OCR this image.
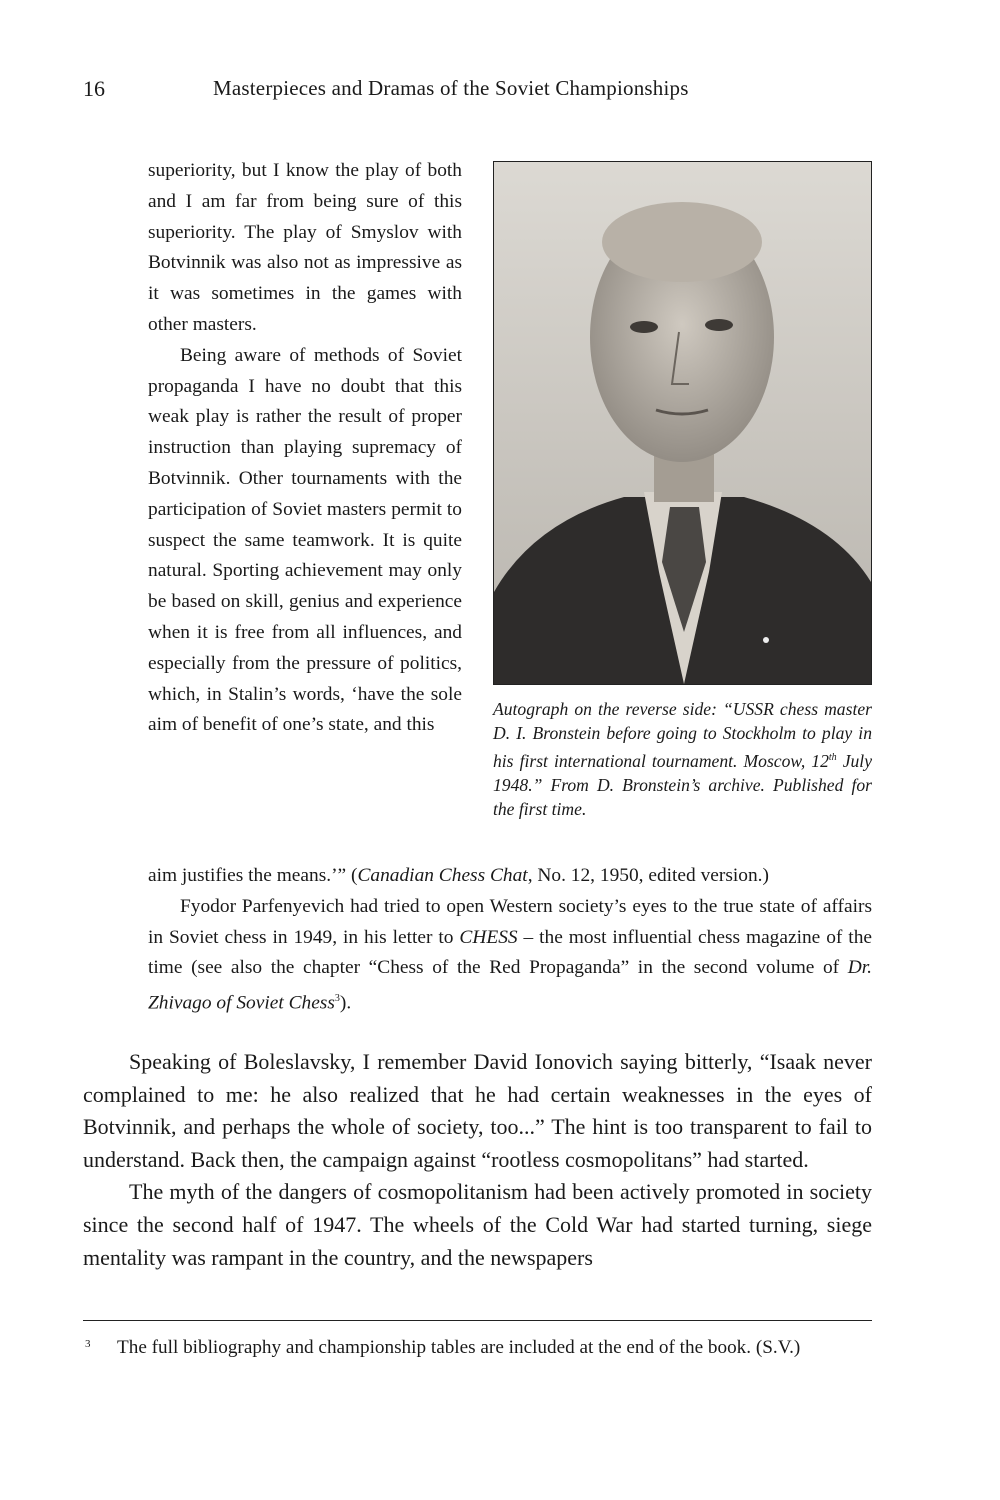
16	Masterpieces and Dramas of the Soviet Championships

superiority, but I know the play of both and I am far from being sure of this superiority. The play of Smyslov with Botvinnik was also not as impressive as it was sometimes in the games with other masters.

Being aware of methods of Soviet propaganda I have no doubt that this weak play is rather the result of proper instruction than playing supremacy of Botvinnik. Other tournaments with the participation of Soviet masters permit to suspect the same teamwork. It is quite natural. Sporting achievement may only be based on skill, genius and experience when it is free from all influences, and especially from the pressure of politics, which, in Stalin’s words, ‘have the sole aim of benefit of one’s state, and this

Autograph on the reverse side: “USSR chess master D. I. Bronstein before going to Stockholm to play in his first international tournament. Moscow, 12th July 1948.” From D. Bronstein’s archive. Published for the first time.

aim justifies the means.’” (Canadian Chess Chat, No. 12, 1950, edited version.)

Fyodor Parfenyevich had tried to open Western society’s eyes to the true state of affairs in Soviet chess in 1949, in his letter to CHESS – the most influential chess magazine of the time (see also the chapter “Chess of the Red Propaganda” in the second volume of Dr. Zhivago of Soviet Chess$^3$).

Speaking of Boleslavsky, I remember David Ionovich saying bitterly, “Isaak never complained to me: he also realized that he had certain weaknesses in the eyes of Botvinnik, and perhaps the whole of society, too...” The hint is too transparent to fail to understand. Back then, the campaign against “rootless cosmopolitans” had started.

The myth of the dangers of cosmopolitanism had been actively promoted in society since the second half of 1947. The wheels of the Cold War had started turning, siege mentality was rampant in the country, and the newspapers

3 The full bibliography and championship tables are included at the end of the book. (S.V.)
